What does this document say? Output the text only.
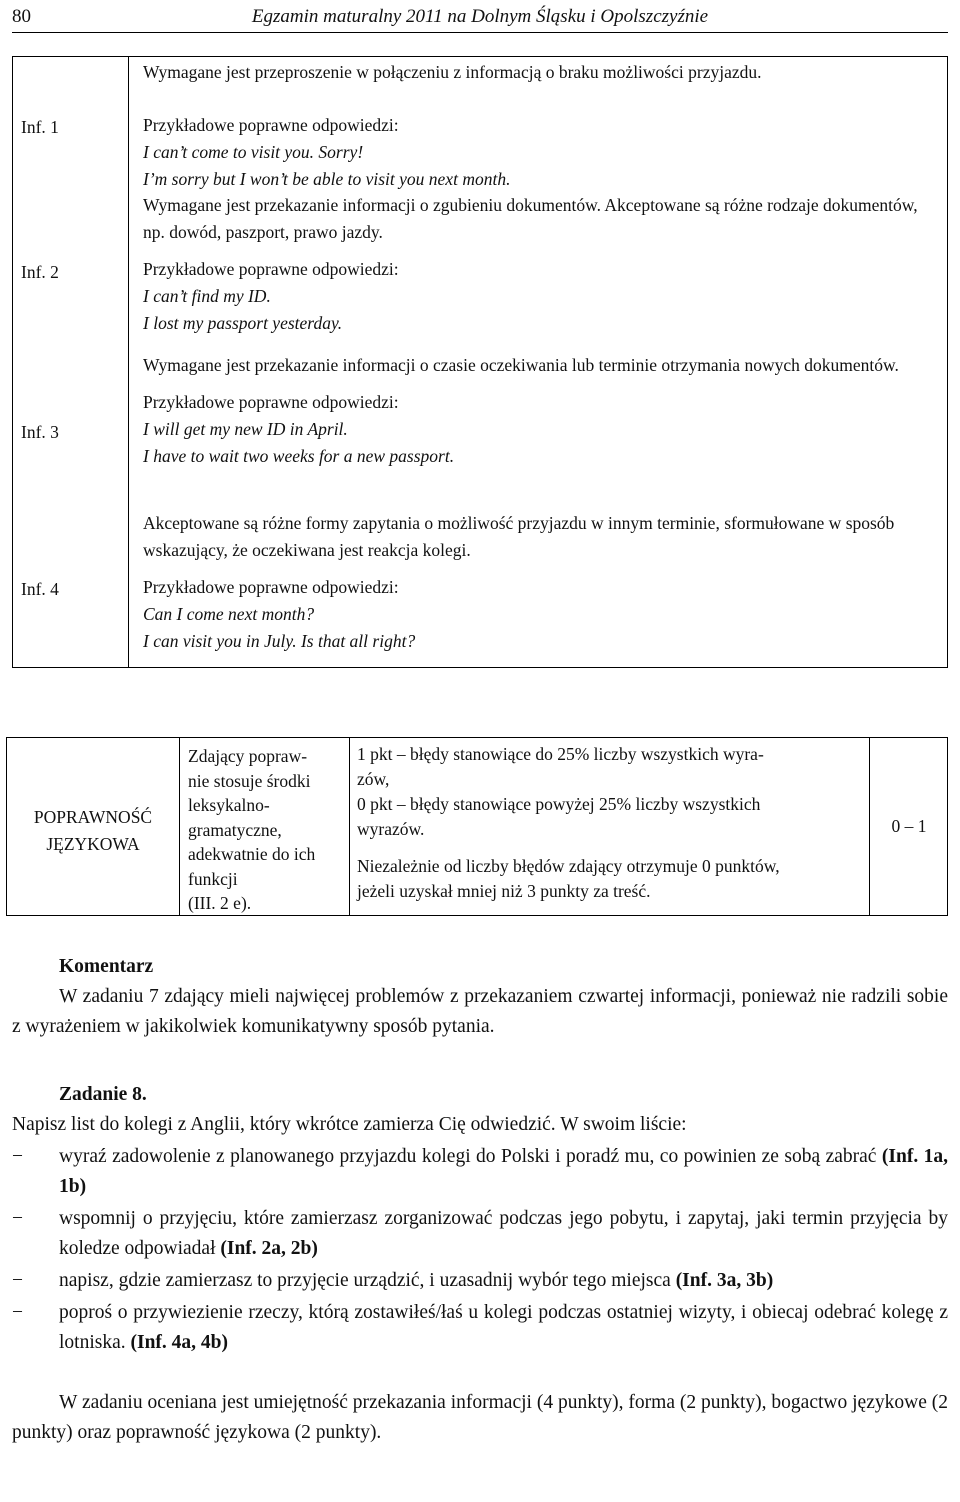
80	Egzamin maturalny 2011 na Dolnym Śląsku i Opolszczyźnie
Inf. 1
Inf. 2
Inf. 3
Inf. 4

Wymagane jest przeproszenie w połączeniu z informacją o braku możliwości przyjazdu.

Przykładowe poprawne odpowiedzi:

I can’t come to visit you. Sorry!

I’m sorry but I won’t be able to visit you next month.

Wymagane jest przekazanie informacji o zgubieniu dokumentów. Akceptowane są różne rodzaje dokumentów, np. dowód, paszport, prawo jazdy.

Przykładowe poprawne odpowiedzi:

I can’t find my ID.

I lost my passport yesterday.

Wymagane jest przekazanie informacji o czasie oczekiwania lub terminie otrzymania nowych dokumentów.

Przykładowe poprawne odpowiedzi:

I will get my new ID in April.

I have to wait two weeks for a new passport.

Akceptowane są różne formy zapytania o możliwość przyjazdu w innym terminie, sformułowane w sposób wskazujący, że oczekiwana jest reakcja kolegi.

Przykładowe poprawne odpowiedzi:

Can I come next month?

I can visit you in July. Is that all right?

POPRAWNOŚĆ
JĘZYKOWA
Zdający popraw-
nie stosuje środki
leksykalno-
gramatyczne,
adekwatnie do ich
funkcji
(III. 2 e).

1 pkt – błędy stanowiące do 25% liczby wszystkich wyra-

zów,

0 pkt – błędy stanowiące powyżej 25% liczby wszystkich

wyrazów.

Niezależnie od liczby błędów zdający otrzymuje 0 punktów,

jeżeli uzyskał mniej niż 3 punkty za treść.

0 – 1
Komentarz
W zadaniu 7 zdający mieli najwięcej problemów z przekazaniem czwartej informacji, ponieważ nie radzili sobie z wyrażeniem w jakikolwiek komunikatywny sposób pytania.
Zadanie 8.
Napisz list do kolegi z Anglii, który wkrótce zamierza Cię odwiedzić. W swoim liście:
− wyraź zadowolenie z planowanego przyjazdu kolegi do Polski i poradź mu, co powinien ze sobą zabrać (Inf. 1a, 1b)
− wspomnij o przyjęciu, które zamierzasz zorganizować podczas jego pobytu, i zapytaj, jaki termin przyjęcia by koledze odpowiadał (Inf. 2a, 2b)
− napisz, gdzie zamierzasz to przyjęcie urządzić, i uzasadnij wybór tego miejsca (Inf. 3a, 3b)
− poproś o przywiezienie rzeczy, którą zostawiłeś/łaś u kolegi podczas ostatniej wizyty, i obiecaj odebrać kolegę z lotniska. (Inf. 4a, 4b)
W zadaniu oceniana jest umiejętność przekazania informacji (4 punkty), forma (2 punkty), bogactwo językowe (2 punkty) oraz poprawność językowa (2 punkty).
